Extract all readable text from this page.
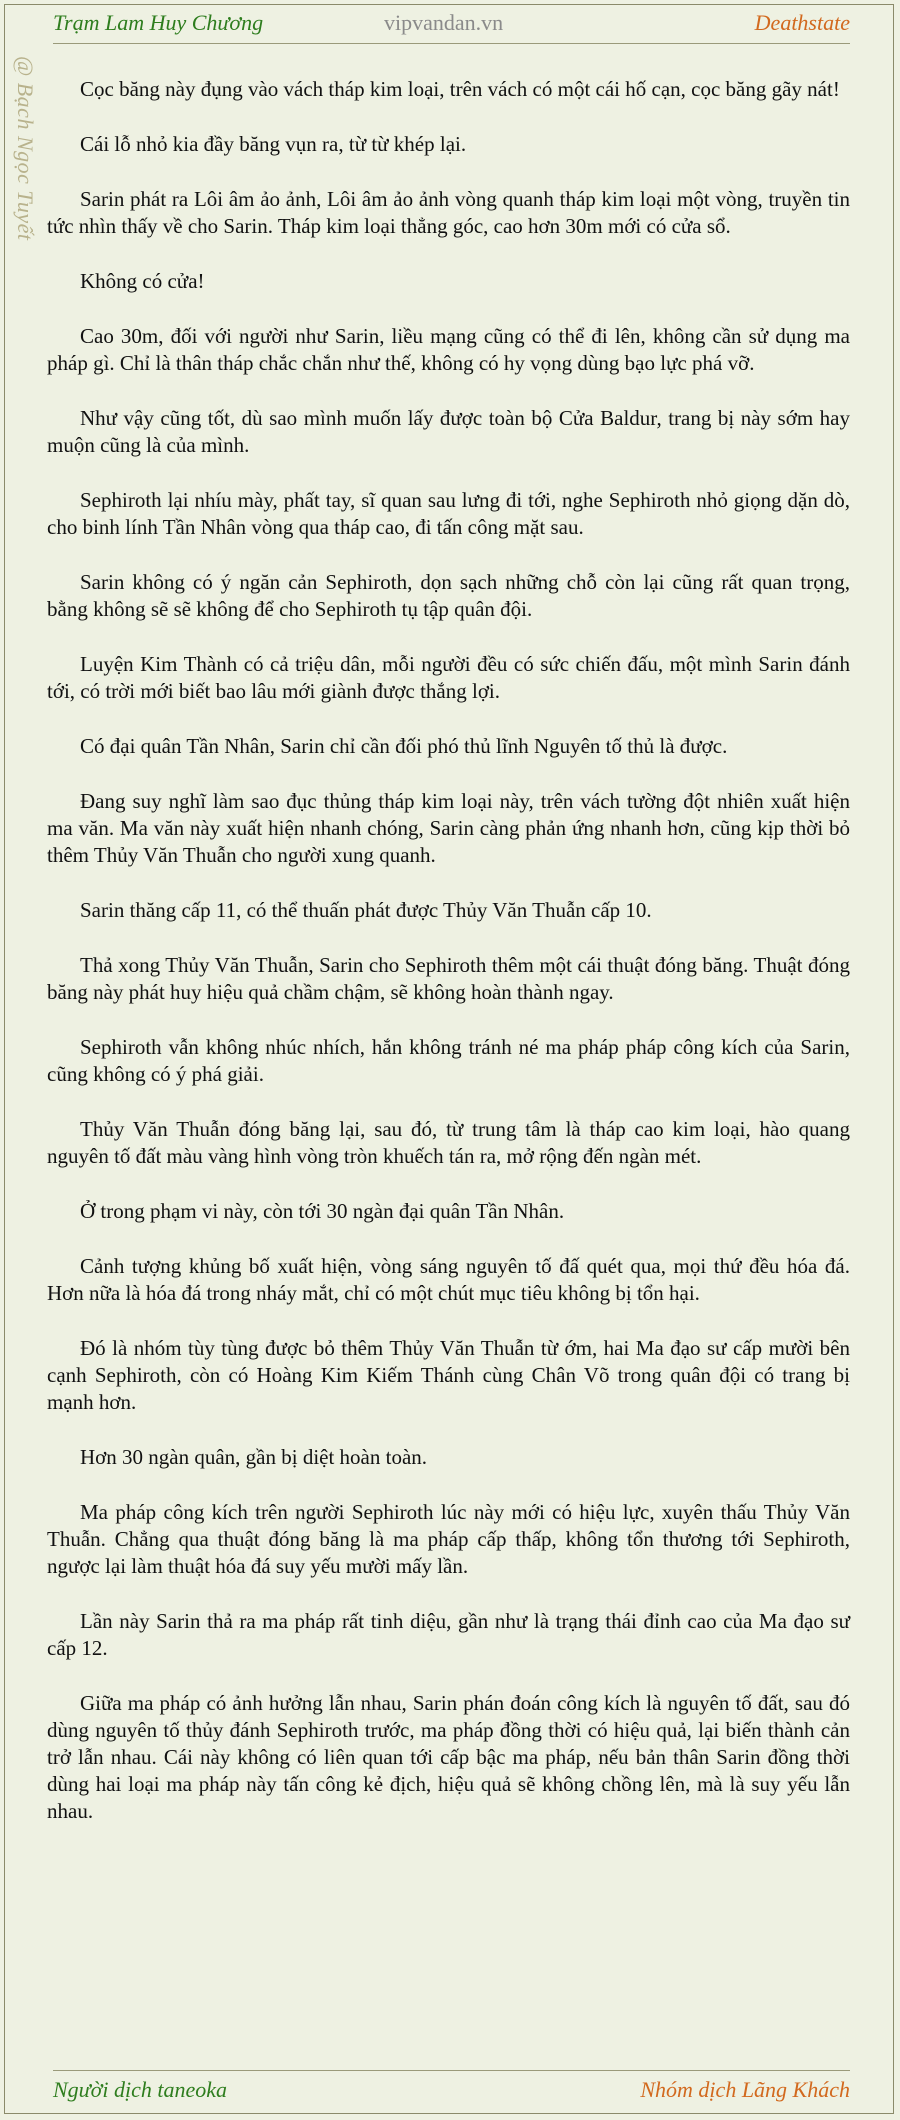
Trạm Lam Huy Chương	vipvandan.vn	Deathstate
@ Bạch Ngọc Tuyết	Cọc băng này đụng vào vách tháp kim loại, trên vách có một cái hố cạn, cọc băng gãy nát!

Cái lỗ nhỏ kia đầy băng vụn ra, từ từ khép lại.

Sarin phát ra Lôi âm ảo ảnh, Lôi âm ảo ảnh vòng quanh tháp kim loại một vòng, truyền tin tức nhìn thấy về cho Sarin. Tháp kim loại thẳng góc, cao hơn 30m mới có cửa sổ.

Không có cửa!

Cao 30m, đối với người như Sarin, liều mạng cũng có thể đi lên, không cần sử dụng ma pháp gì. Chỉ là thân tháp chắc chắn như thế, không có hy vọng dùng bạo lực phá vỡ.

Như vậy cũng tốt, dù sao mình muốn lấy được toàn bộ Cửa Baldur, trang bị này sớm hay muộn cũng là của mình.

Sephiroth lại nhíu mày, phất tay, sĩ quan sau lưng đi tới, nghe Sephiroth nhỏ giọng dặn dò, cho binh lính Tần Nhân vòng qua tháp cao, đi tấn công mặt sau.

Sarin không có ý ngăn cản Sephiroth, dọn sạch những chỗ còn lại cũng rất quan trọng, bằng không sẽ sẽ không để cho Sephiroth tụ tập quân đội.

Luyện Kim Thành có cả triệu dân, mỗi người đều có sức chiến đấu, một mình Sarin đánh tới, có trời mới biết bao lâu mới giành được thắng lợi.

Có đại quân Tần Nhân, Sarin chỉ cần đối phó thủ lĩnh Nguyên tố thủ là được.

Đang suy nghĩ làm sao đục thủng tháp kim loại này, trên vách tường đột nhiên xuất hiện ma văn. Ma văn này xuất hiện nhanh chóng, Sarin càng phản ứng nhanh hơn, cũng kịp thời bỏ thêm Thủy Văn Thuẫn cho người xung quanh.

Sarin thăng cấp 11, có thể thuấn phát được Thủy Văn Thuẫn cấp 10.

Thả xong Thủy Văn Thuẫn, Sarin cho Sephiroth thêm một cái thuật đóng băng. Thuật đóng băng này phát huy hiệu quả chầm chậm, sẽ không hoàn thành ngay.

Sephiroth vẫn không nhúc nhích, hắn không tránh né ma pháp pháp công kích của Sarin, cũng không có ý phá giải.

Thủy Văn Thuẫn đóng băng lại, sau đó, từ trung tâm là tháp cao kim loại, hào quang nguyên tố đất màu vàng hình vòng tròn khuếch tán ra, mở rộng đến ngàn mét.

Ở trong phạm vi này, còn tới 30 ngàn đại quân Tần Nhân.

Cảnh tượng khủng bố xuất hiện, vòng sáng nguyên tố đấ quét qua, mọi thứ đều hóa đá. Hơn nữa là hóa đá trong nháy mắt, chỉ có một chút mục tiêu không bị tổn hại.

Đó là nhóm tùy tùng được bỏ thêm Thủy Văn Thuẫn từ ớm, hai Ma đạo sư cấp mười bên cạnh Sephiroth, còn có Hoàng Kim Kiếm Thánh cùng Chân Võ trong quân đội có trang bị mạnh hơn.

Hơn 30 ngàn quân, gần bị diệt hoàn toàn.

Ma pháp công kích trên người Sephiroth lúc này mới có hiệu lực, xuyên thấu Thủy Văn Thuẫn. Chẳng qua thuật đóng băng là ma pháp cấp thấp, không tổn thương tới Sephiroth, ngược lại làm thuật hóa đá suy yếu mười mấy lần.

Lần này Sarin thả ra ma pháp rất tinh diệu, gần như là trạng thái đỉnh cao của Ma đạo sư cấp 12.

Giữa ma pháp có ảnh hưởng lẫn nhau, Sarin phán đoán công kích là nguyên tố đất, sau đó dùng nguyên tố thủy đánh Sephiroth trước, ma pháp đồng thời có hiệu quả, lại biến thành cản trở lẫn nhau. Cái này không có liên quan tới cấp bậc ma pháp, nếu bản thân Sarin đồng thời dùng hai loại ma pháp này tấn công kẻ địch, hiệu quả sẽ không chồng lên, mà là suy yếu lẫn nhau.

Người dịch taneoka	Nhóm dịch Lãng Khách
